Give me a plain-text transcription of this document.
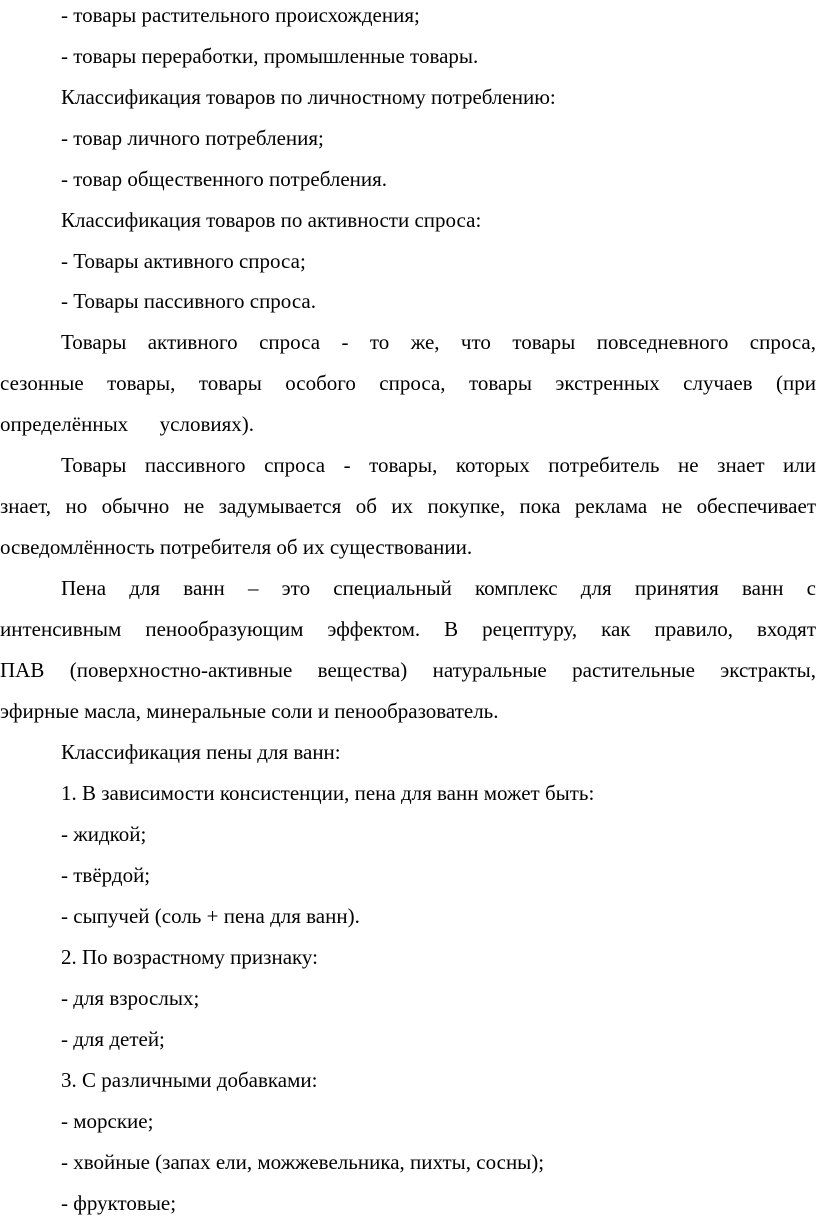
- товары растительного происхождения;
- товары переработки, промышленные товары.
Классификация товаров по личностному потреблению:
- товар личного потребления;
- товар общественного потребления.
Классификация товаров по активности спроса:
- Товары активного спроса;
- Товары пассивного спроса.
Товары активного спроса - то же, что товары повседневного спроса,
сезонные товары, товары особого спроса, товары экстренных случаев (при
определённых      условиях).
Товары пассивного спроса - товары, которых потребитель не знает или
знает, но обычно не задумывается об их покупке, пока реклама не обеспечивает
осведомлённость потребителя об их существовании.
Пена для ванн – это специальный комплекс для принятия ванн с
интенсивным пенообразующим эффектом. В рецептуру, как правило, входят
ПАВ (поверхностно-активные вещества) натуральные растительные экстракты,
эфирные масла, минеральные соли и пенообразователь.
Классификация пены для ванн:
1. В зависимости консистенции, пена для ванн может быть:
- жидкой;
- твёрдой;
- сыпучей (соль + пена для ванн).
2. По возрастному признаку:
- для взрослых;
- для детей;
3. С различными добавками:
- морские;
- хвойные (запах ели, можжевельника, пихты, сосны);
- фруктовые;
